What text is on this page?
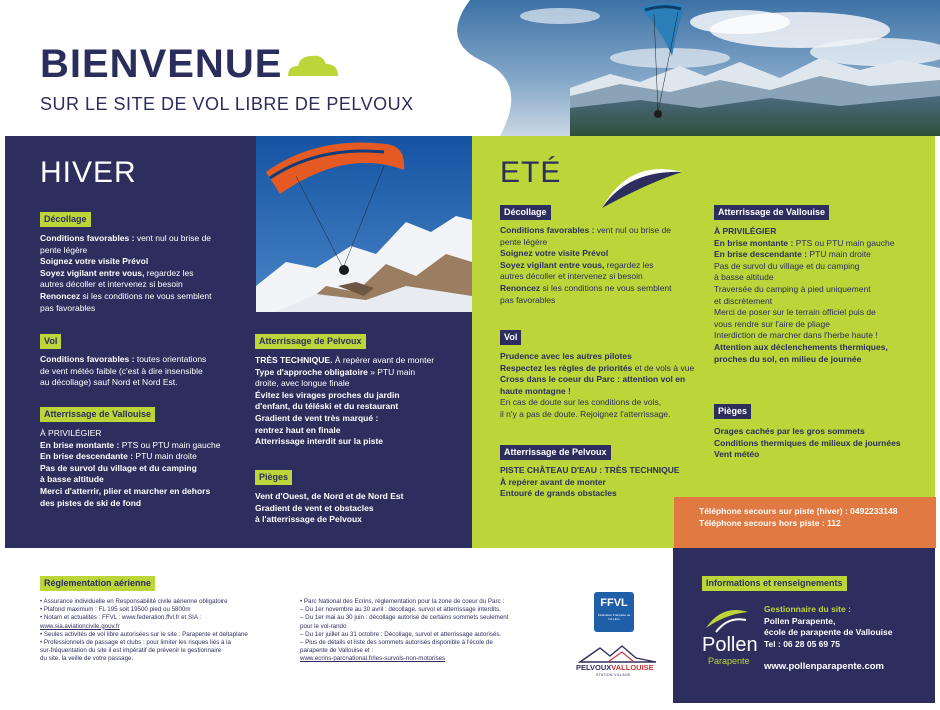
BIENVENUE
SUR LE SITE DE VOL LIBRE DE PELVOUX
HIVER
Décollage

Conditions favorables : vent nul ou brise de

pente légère

Soignez votre visite Prévol

Soyez vigilant entre vous, regardez les

autres décoller et intervenez si besoin

Renoncez si les conditions ne vous semblent

pas favorables

Vol

Conditions favorables : toutes orientations

de vent météo faible (c'est à dire insensible

au décollage) sauf Nord et Nord Est.

Atterrissage de Vallouise

À PRIVILÉGIER

En brise montante : PTS ou PTU main gauche

En brise descendante : PTU main droite

Pas de survol du village et du camping

à basse altitude

Merci d'atterrir, plier et marcher en dehors

des pistes de ski de fond

Atterrissage de Pelvoux

TRÈS TECHNIQUE. À repérer avant de monter

Type d'approche obligatoire » PTU main

droite, avec longue finale

Évitez les virages proches du jardin

d'enfant, du téléski et du restaurant

Gradient de vent très marqué :

rentrez haut en finale

Atterrissage interdit sur la piste

Pièges

Vent d'Ouest, de Nord et de Nord Est

Gradient de vent et obstacles

à l'atterrissage de Pelvoux

ETÉ
Décollage

Conditions favorables : vent nul ou brise de

pente légère

Soignez votre visite Prévol

Soyez vigilant entre vous, regardez les

autres décoller et intervenez si besoin

Renoncez si les conditions ne vous semblent

pas favorables

Vol

Prudence avec les autres pilotes

Respectez les règles de priorités et de vols à vue

Cross dans le coeur du Parc : attention vol en

haute montagne !

En cas de doute sur les conditions de vols,

il n'y a pas de doute. Rejoignez l'atterrissage.

Atterrissage de Pelvoux

PISTE CHÂTEAU D'EAU : TRÈS TECHNIQUE

À repérer avant de monter

Entouré de grands obstacles

Atterrissage de Vallouise

À PRIVILÉGIER

En brise montante : PTS ou PTU main gauche

En brise descendante : PTU main droite

Pas de survol du village et du camping

à basse altitude

Traversée du camping à pied uniquement

et discrètement

Merci de poser sur le terrain officiel puis de

vous rendre sur l'aire de pliage

Interdiction de marcher dans l'herbe haute !

Attention aux déclenchements thermiques,

proches du sol, en milieu de journée

Pièges

Orages cachés par les gros sommets

Conditions thermiques de milieux de journées

Vent météo

Téléphone secours sur piste (hiver) : 0492233148
Téléphone secours hors piste : 112
Réglementation aérienne

• Assurance individuelle en Responsabilité civile aérienne obligatoire

• Plafond maximum : FL 195 soit 19500 pied ou 5800m

• Notam et actualités : FFVL : www.federation.ffvl.fr et SIA :

www.sia.aviationcivile.gouv.fr

• Seules activités de vol libre autorisées sur le site : Parapente et deltaplane

• Professionnels de passage et clubs : pour limiter les risques liés à la

sur-fréquentation du site il est impératif de prévenir le gestionnaire

du site, la veille de votre passage.

• Parc National des Ecrins, réglementation pour la zone de coeur du Parc :

– Du 1er novembre au 30 avril : décollage, survol et atterrissage interdits.

– Du 1er mai au 30 juin : décollage autorisé de certains sommets seulement

pour le vol-rando

– Du 1er juillet au 31 octobre : Décollage, survol et atterrissage autorisés.

– Plus de détails et liste des sommets autorisés disponible à l'école de

parapente de Vallouise et :

www.ecrins-parcnational.fr/les-survols-non-motorises

FFVL
Fédération Française de Vol Libre
PELVOUXVALLOUISE
STATION VILLAGE
Informations et renseignements
Pollen
Parapente

Gestionnaire du site :

Pollen Parapente,

école de parapente de Vallouise

Tel : 06 28 05 69 75

www.pollenparapente.com
